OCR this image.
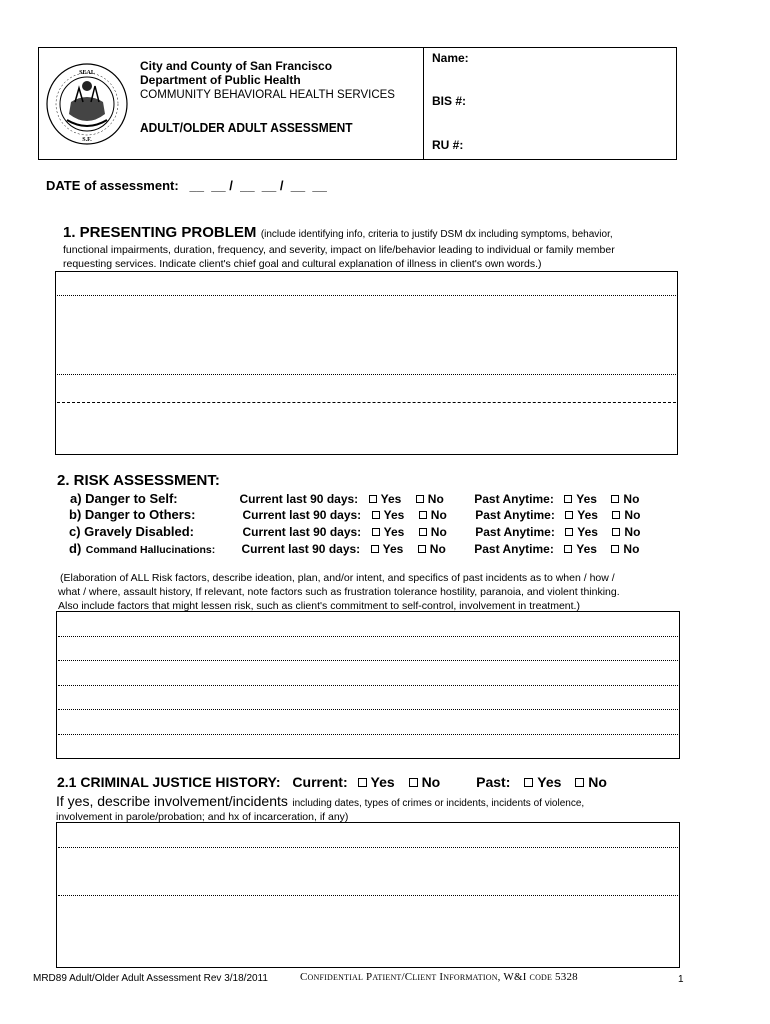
SEAL
S.F.
City and County of San Francisco
Department of Public Health
COMMUNITY BEHAVIORAL HEALTH SERVICES
ADULT/OLDER ADULT ASSESSMENT
Name:
BIS #:
RU #:
DATE of assessment:   __  __ /  __  __ /  __  __
1. PRESENTING PROBLEM (include identifying info, criteria to justify DSM dx including symptoms, behavior,
functional impairments, duration, frequency, and severity, impact on life/behavior leading to individual or family member
requesting services. Indicate client's chief goal and cultural explanation of illness in client's own words.)
2. RISK ASSESSMENT:
a) Danger to Self:	Current last 90 days: Yes No	Past Anytime: Yes No
b) Danger to Others:	Current last 90 days: Yes No Past Anytime: Yes No
c) Gravely Disabled:	Current last 90 days: Yes No Past Anytime: Yes No
d) Command Hallucinations: Current last 90 days: Yes No Past Anytime: Yes No
(Elaboration of ALL Risk factors, describe ideation, plan, and/or intent, and specifics of past incidents as to when / how /
what / where, assault history, If relevant, note factors such as frustration tolerance hostility, paranoia, and violent thinking.
Also include factors that might lessen risk, such as client's commitment to self-control, involvement in treatment.)
2.1 CRIMINAL JUSTICE HISTORY: Current: Yes No	Past: Yes No
If yes, describe involvement/incidents including dates, types of crimes or incidents, incidents of violence,
involvement in parole/probation; and hx of incarceration, if any)
MRD89 Adult/Older Adult Assessment Rev 3/18/2011	Confidential Patient/Client Information, W&I code 5328	1
